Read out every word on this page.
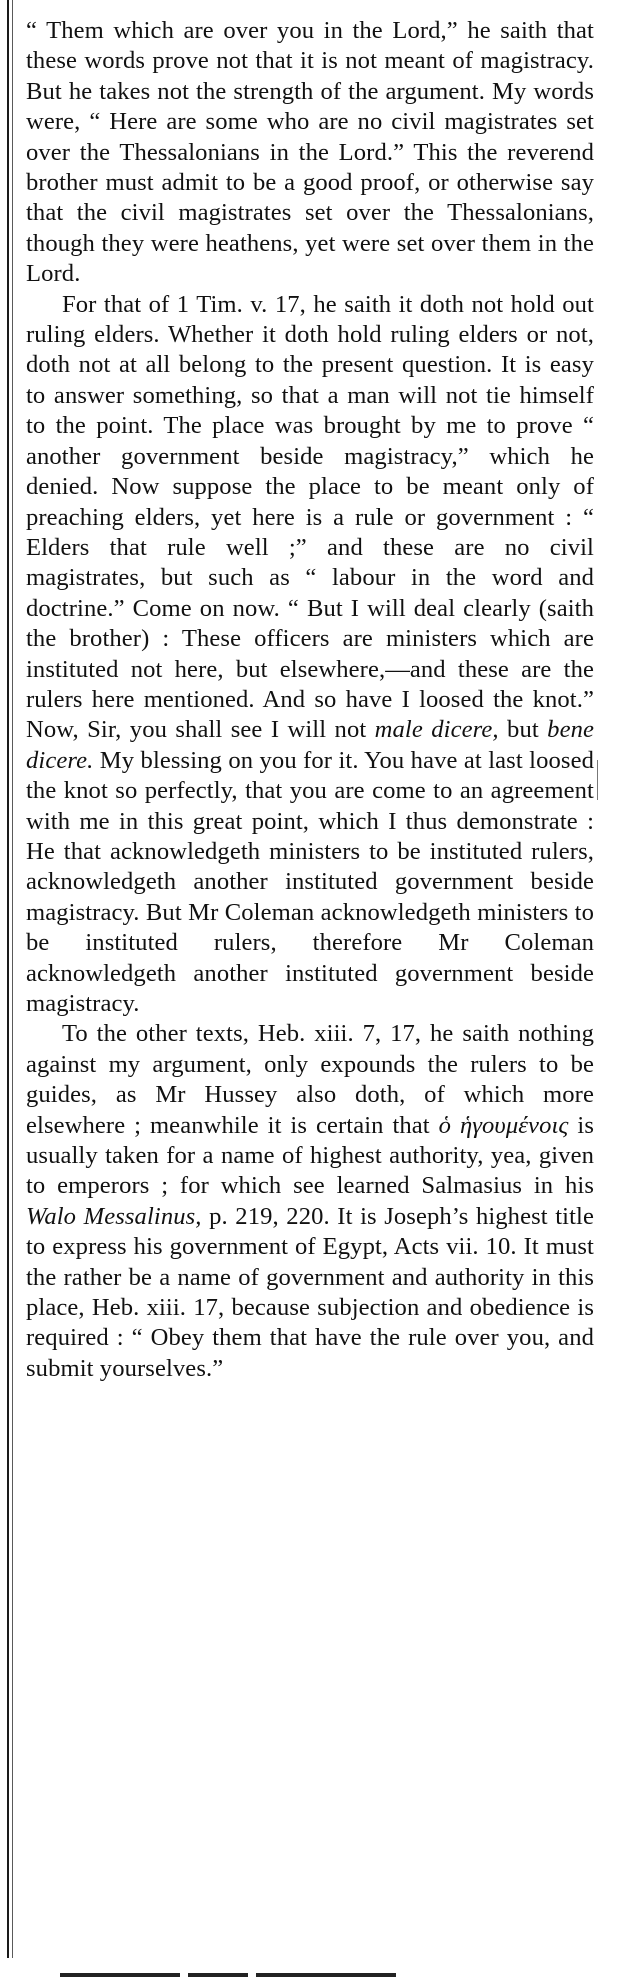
“ Them which are over you in the Lord,” he saith that these words prove not that it is not meant of magistracy. But he takes not the strength of the argument. My words were, “ Here are some who are no civil magistrates set over the Thessalonians in the Lord.” This the reverend brother must admit to be a good proof, or otherwise say that the civil magistrates set over the Thessalonians, though they were heathens, yet were set over them in the Lord.

For that of 1 Tim. v. 17, he saith it doth not hold out ruling elders. Whether it doth hold ruling elders or not, doth not at all belong to the present question. It is easy to answer something, so that a man will not tie himself to the point. The place was brought by me to prove “ another government beside magistracy,” which he denied. Now suppose the place to be meant only of preaching elders, yet here is a rule or government : “ Elders that rule well ;” and these are no civil magistrates, but such as “ labour in the word and doctrine.” Come on now. “ But I will deal clearly (saith the brother) : These officers are ministers which are instituted not here, but elsewhere,—and these are the rulers here mentioned. And so have I loosed the knot.” Now, Sir, you shall see I will not male dicere, but bene dicere. My blessing on you for it. You have at last loosed the knot so perfectly, that you are come to an agreement with me in this great point, which I thus demonstrate : He that acknowledgeth ministers to be instituted rulers, acknowledgeth another instituted government beside magistracy. But Mr Coleman acknowledgeth ministers to be instituted rulers, therefore Mr Coleman acknowledgeth another instituted government beside magistracy.

To the other texts, Heb. xiii. 7, 17, he saith nothing against my argument, only expounds the rulers to be guides, as Mr Hussey also doth, of which more elsewhere ; meanwhile it is certain that ὁ ἡγουμένοις is usually taken for a name of highest authority, yea, given to emperors ; for which see learned Salmasius in his Walo Messalinus, p. 219, 220. It is Joseph’s highest title to express his government of Egypt, Acts vii. 10. It must the rather be a name of government and authority in this place, Heb. xiii. 17, because subjection and obedience is required : “ Obey them that have the rule over you, and submit yourselves.”
